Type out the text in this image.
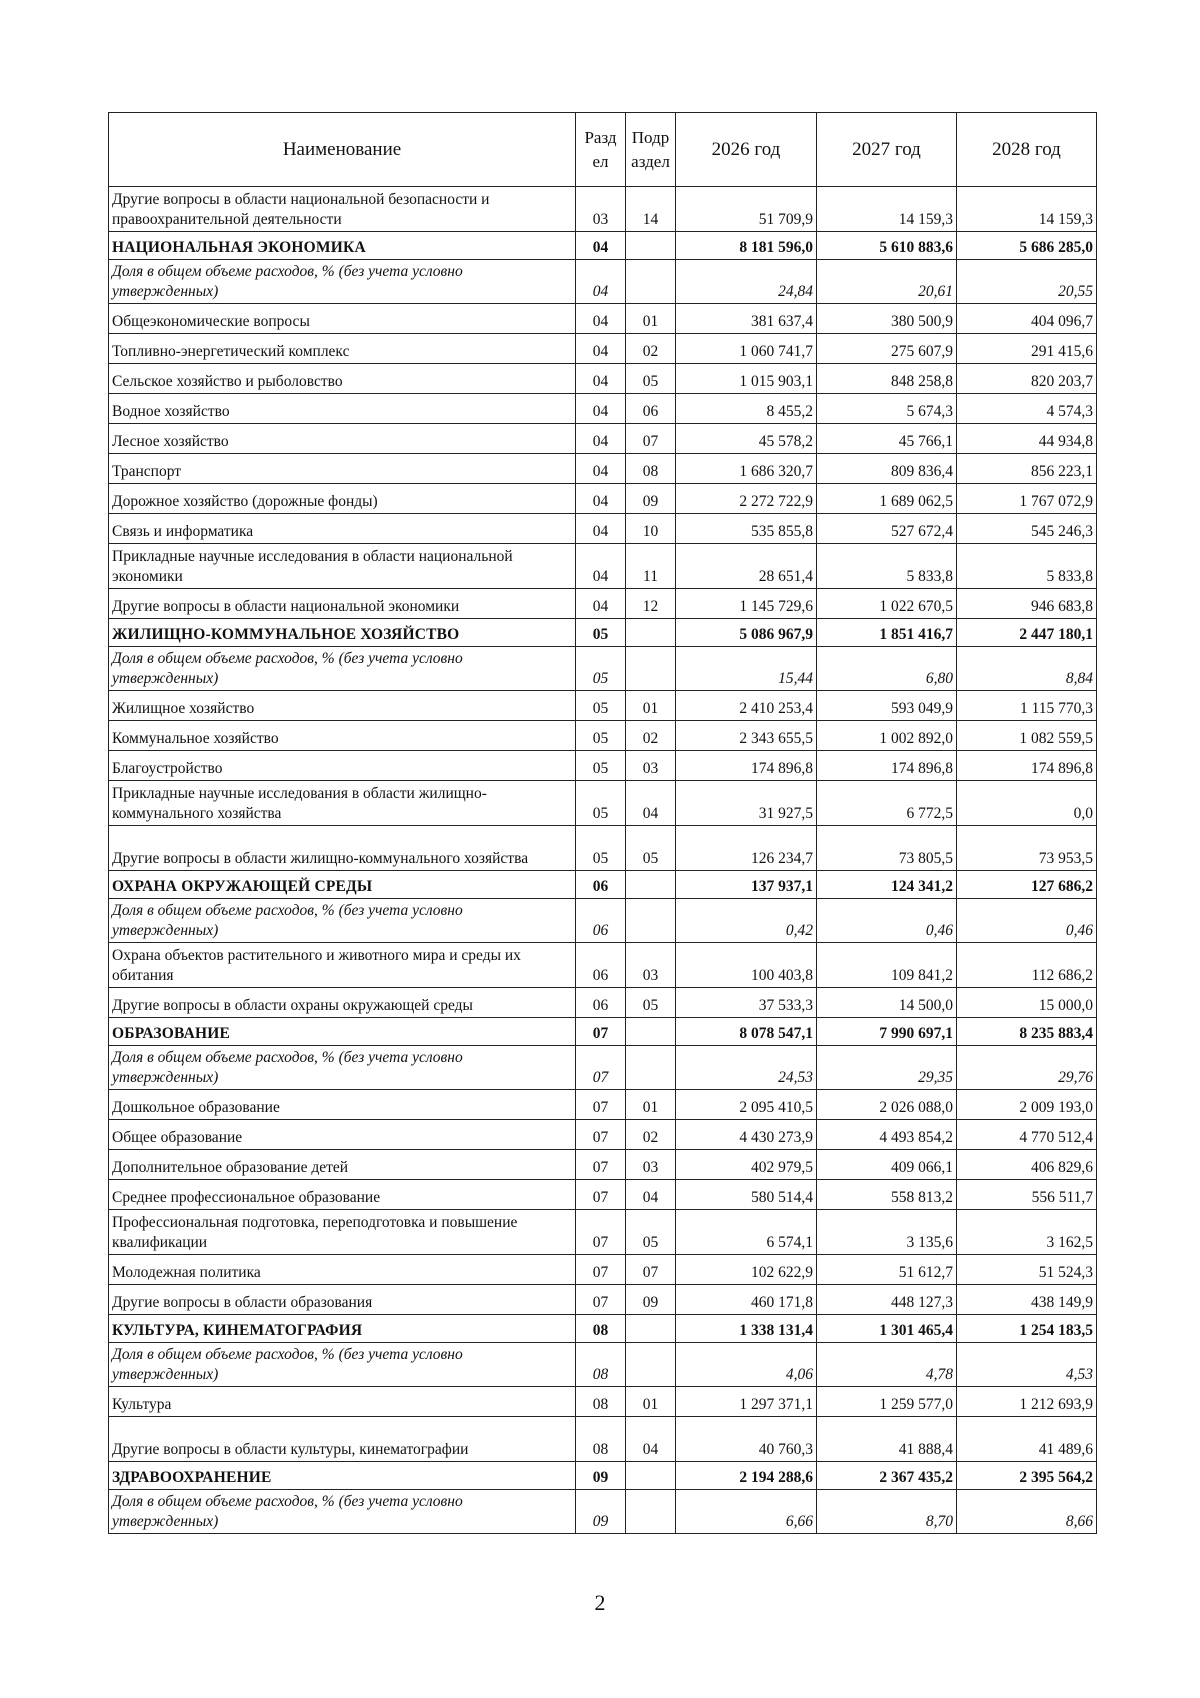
Наименование	Разд ел	Подр аздел	2026 год	2027 год	2028 год
Другие вопросы в области национальной безопасности и правоохранительной деятельности	03	14	51 709,9	14 159,3	14 159,3
НАЦИОНАЛЬНАЯ ЭКОНОМИКА	04		8 181 596,0	5 610 883,6	5 686 285,0
Доля в общем объеме расходов, % (без учета условно утвержденных)	04		24,84	20,61	20,55
Общеэкономические вопросы	04	01	381 637,4	380 500,9	404 096,7
Топливно-энергетический комплекс	04	02	1 060 741,7	275 607,9	291 415,6
Сельское хозяйство и рыболовство	04	05	1 015 903,1	848 258,8	820 203,7
Водное хозяйство	04	06	8 455,2	5 674,3	4 574,3
Лесное хозяйство	04	07	45 578,2	45 766,1	44 934,8
Транспорт	04	08	1 686 320,7	809 836,4	856 223,1
Дорожное хозяйство (дорожные фонды)	04	09	2 272 722,9	1 689 062,5	1 767 072,9
Связь и информатика	04	10	535 855,8	527 672,4	545 246,3
Прикладные научные исследования в области национальной экономики	04	11	28 651,4	5 833,8	5 833,8
Другие вопросы в области национальной экономики	04	12	1 145 729,6	1 022 670,5	946 683,8
ЖИЛИЩНО-КОММУНАЛЬНОЕ ХОЗЯЙСТВО	05		5 086 967,9	1 851 416,7	2 447 180,1
Доля в общем объеме расходов, % (без учета условно утвержденных)	05		15,44	6,80	8,84
Жилищное хозяйство	05	01	2 410 253,4	593 049,9	1 115 770,3
Коммунальное хозяйство	05	02	2 343 655,5	1 002 892,0	1 082 559,5
Благоустройство	05	03	174 896,8	174 896,8	174 896,8
Прикладные научные исследования в области жилищно-коммунального хозяйства	05	04	31 927,5	6 772,5	0,0
Другие вопросы в области жилищно-коммунального хозяйства	05	05	126 234,7	73 805,5	73 953,5
ОХРАНА ОКРУЖАЮЩЕЙ СРЕДЫ	06		137 937,1	124 341,2	127 686,2
Доля в общем объеме расходов, % (без учета условно утвержденных)	06		0,42	0,46	0,46
Охрана объектов растительного и животного мира и среды их обитания	06	03	100 403,8	109 841,2	112 686,2
Другие вопросы в области охраны окружающей среды	06	05	37 533,3	14 500,0	15 000,0
ОБРАЗОВАНИЕ	07		8 078 547,1	7 990 697,1	8 235 883,4
Доля в общем объеме расходов, % (без учета условно утвержденных)	07		24,53	29,35	29,76
Дошкольное образование	07	01	2 095 410,5	2 026 088,0	2 009 193,0
Общее образование	07	02	4 430 273,9	4 493 854,2	4 770 512,4
Дополнительное образование детей	07	03	402 979,5	409 066,1	406 829,6
Среднее профессиональное образование	07	04	580 514,4	558 813,2	556 511,7
Профессиональная подготовка, переподготовка и повышение квалификации	07	05	6 574,1	3 135,6	3 162,5
Молодежная политика	07	07	102 622,9	51 612,7	51 524,3
Другие вопросы в области образования	07	09	460 171,8	448 127,3	438 149,9
КУЛЬТУРА, КИНЕМАТОГРАФИЯ	08		1 338 131,4	1 301 465,4	1 254 183,5
Доля в общем объеме расходов, % (без учета условно утвержденных)	08		4,06	4,78	4,53
Культура	08	01	1 297 371,1	1 259 577,0	1 212 693,9
Другие вопросы в области культуры, кинематографии	08	04	40 760,3	41 888,4	41 489,6
ЗДРАВООХРАНЕНИЕ	09		2 194 288,6	2 367 435,2	2 395 564,2
Доля в общем объеме расходов, % (без учета условно утвержденных)	09		6,66	8,70	8,66
2
